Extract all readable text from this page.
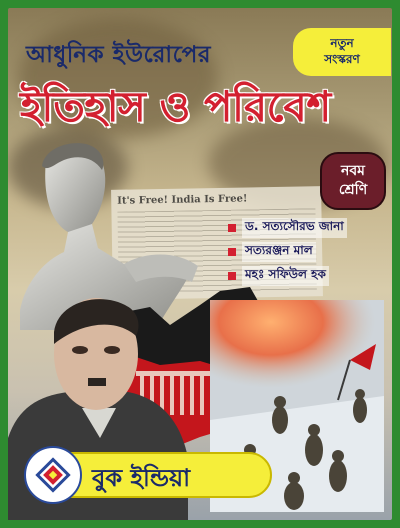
নতুন
সংস্করণ
আধুনিক ইউরোপের
ইতিহাস ও পরিবেশ
It's Free! India Is Free!
নবম
শ্রেণি
ড. সত্যসৌরভ জানা
সত্যরঞ্জন মাল
মহঃ সফিউল হক
বুক ইন্ডিয়া
